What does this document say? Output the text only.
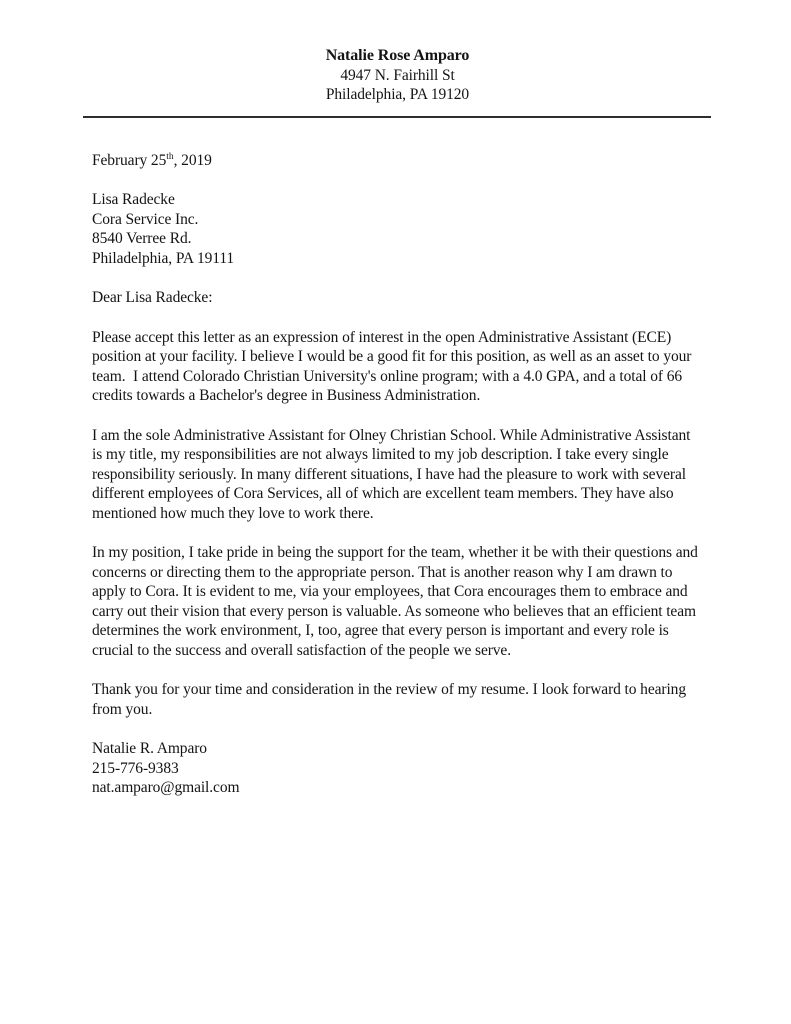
Natalie Rose Amparo
4947 N. Fairhill St
Philadelphia, PA 19120
February 25th, 2019
Lisa Radecke
Cora Service Inc.
8540 Verree Rd.
Philadelphia, PA 19111
Dear Lisa Radecke:

Please accept this letter as an expression of interest in the open Administrative Assistant (ECE) position at your facility. I believe I would be a good fit for this position, as well as an asset to your team.  I attend Colorado Christian University's online program; with a 4.0 GPA, and a total of 66 credits towards a Bachelor's degree in Business Administration.

I am the sole Administrative Assistant for Olney Christian School. While Administrative Assistant is my title, my responsibilities are not always limited to my job description. I take every single responsibility seriously. In many different situations, I have had the pleasure to work with several different employees of Cora Services, all of which are excellent team members. They have also mentioned how much they love to work there.

In my position, I take pride in being the support for the team, whether it be with their questions and concerns or directing them to the appropriate person. That is another reason why I am drawn to apply to Cora. It is evident to me, via your employees, that Cora encourages them to embrace and carry out their vision that every person is valuable. As someone who believes that an efficient team determines the work environment, I, too, agree that every person is important and every role is crucial to the success and overall satisfaction of the people we serve.

Thank you for your time and consideration in the review of my resume. I look forward to hearing from you.

Natalie R. Amparo
215-776-9383
nat.amparo@gmail.com
